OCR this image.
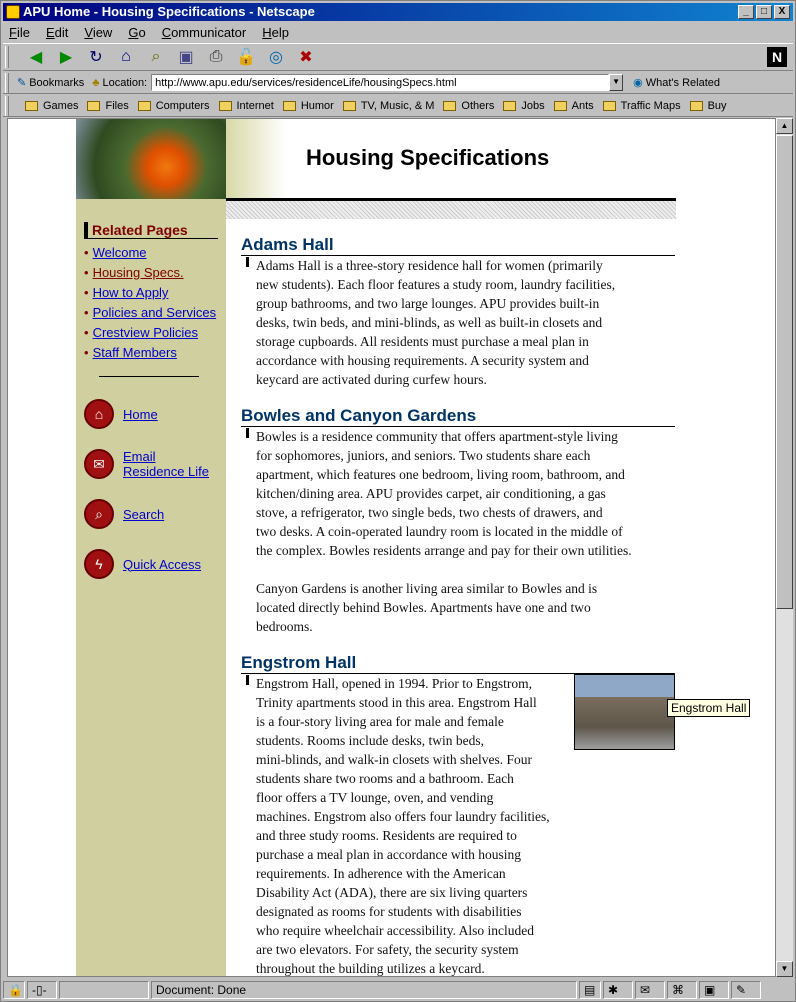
APU Home - Housing Specifications - Netscape	_	□	X
File Edit View Go Communicator Help
◀	▶	↻	⌂	⌕	▣	⎙ 🔓 ◎	✖	N
✎ Bookmarks ♣ Location: http://www.apu.edu/services/residenceLife/housingSpecs.html	▼ ◉ What's Related
Games Files Computers Internet Humor TV, Music, & M Others Jobs Ants Traffic Maps Buy
Housing Specifications
Related Pages
• Welcome
• Housing Specs.
• How to Apply
• Policies and Services
• Crestview Policies
• Staff Members
⌂	Home
✉	Email
Residence Life
⌕	Search
ϟ	Quick Access
Adams Hall
Adams Hall is a three-story residence hall for women (primarily
new students). Each floor features a study room, laundry facilities,
group bathrooms, and two large lounges. APU provides built-in
desks, twin beds, and mini-blinds, as well as built-in closets and
storage cupboards. All residents must purchase a meal plan in
accordance with housing requirements. A security system and
keycard are activated during curfew hours.
Bowles and Canyon Gardens
Bowles is a residence community that offers apartment-style living
for sophomores, juniors, and seniors. Two students share each
apartment, which features one bedroom, living room, bathroom, and
kitchen/dining area. APU provides carpet, air conditioning, a gas
stove, a refrigerator, two single beds, two chests of drawers, and
two desks. A coin-operated laundry room is located in the middle of
the complex. Bowles residents arrange and pay for their own utilities.
Canyon Gardens is another living area similar to Bowles and is
located directly behind Bowles. Apartments have one and two
bedrooms.
Engstrom Hall
Engstrom Hall, opened in 1994. Prior to Engstrom,
Trinity apartments stood in this area. Engstrom Hall
is a four-story living area for male and female
students. Rooms include desks, twin beds,
mini-blinds, and walk-in closets with shelves. Four
students share two rooms and a bathroom. Each
floor offers a TV lounge, oven, and vending
machines. Engstrom also offers four laundry facilities,
and three study rooms. Residents are required to
purchase a meal plan in accordance with housing
requirements. In adherence with the American
Disability Act (ADA), there are six living quarters
designated as rooms for students with disabilities
who require wheelchair accessibility. Also included
are two elevators. For safety, the security system
throughout the building utilizes a keycard.
Engstrom Hall
▲
▼
🔒 -▯-	Document: Done	▤	✱	✉	⌘	▣	✎
